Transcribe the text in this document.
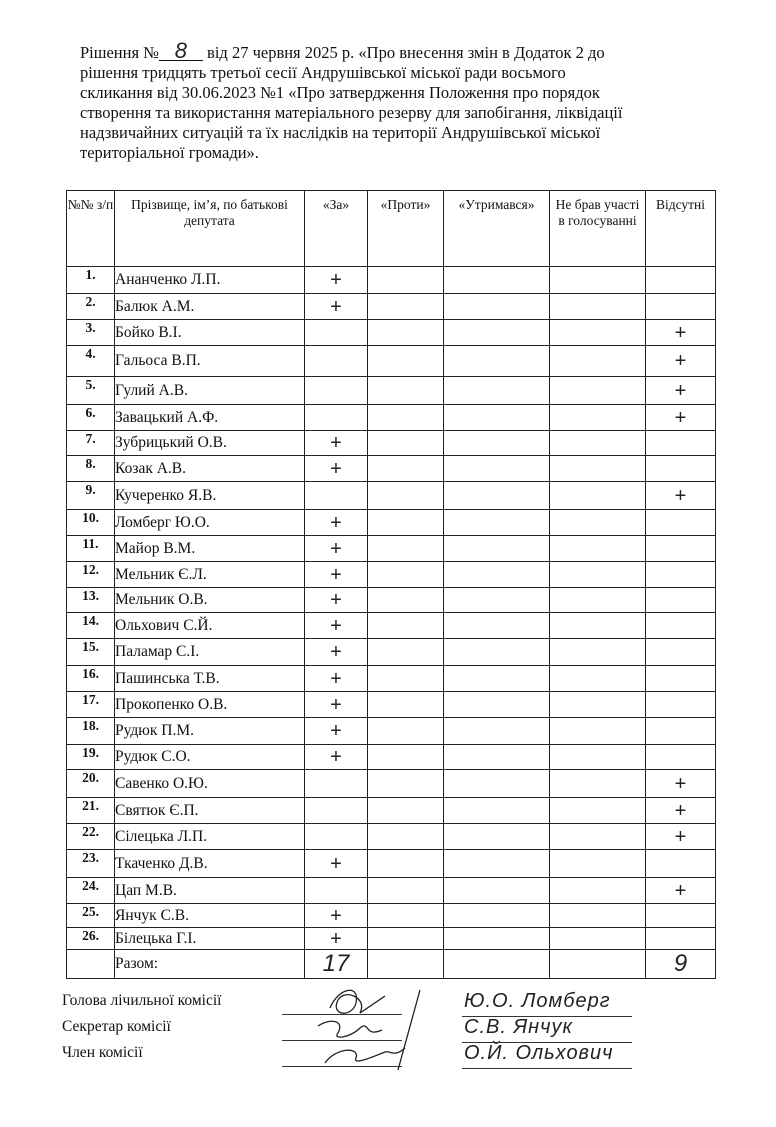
Рішення № 8 від 27 червня 2025 р. «Про внесення змін в Додаток 2 до
рішення тридцять третьої сесії Андрушівської міської ради восьмого
скликання від 30.06.2023 №1 «Про затвердження Положення про порядок
створення та використання матеріального резерву для запобігання, ліквідації
надзвичайних ситуацій та їх наслідків на території Андрушівської міської
територіальної громади».
№№ з/п	Прізвище, ім’я, по батькові депутата	«За»	«Проти»	«Утримався»	Не брав участі в голосуванні	Відсутні
1.	Ананченко Л.П.	+				
2.	Балюк А.М.	+				
3.	Бойко В.І.					+
4.	Гальоса В.П.					+
5.	Гулий А.В.					+
6.	Завацький А.Ф.					+
7.	Зубрицький О.В.	+				
8.	Козак А.В.	+				
9.	Кучеренко Я.В.					+
10.	Ломберг Ю.О.	+				
11.	Майор В.М.	+				
12.	Мельник Є.Л.	+				
13.	Мельник О.В.	+				
14.	Ольхович С.Й.	+				
15.	Паламар С.І.	+				
16.	Пашинська Т.В.	+				
17.	Прокопенко О.В.	+				
18.	Рудюк П.М.	+				
19.	Рудюк С.О.	+				
20.	Савенко О.Ю.					+
21.	Святюк Є.П.					+
22.	Сілецька Л.П.					+
23.	Ткаченко Д.В.	+				
24.	Цап М.В.					+
25.	Янчук С.В.	+				
26.	Білецька Г.І.	+				
	Разом:	17				9
Голова лічильної комісії
Секретар комісії
Член комісії
Ю.О. Ломберг
С.В. Янчук
О.Й. Ольхович
